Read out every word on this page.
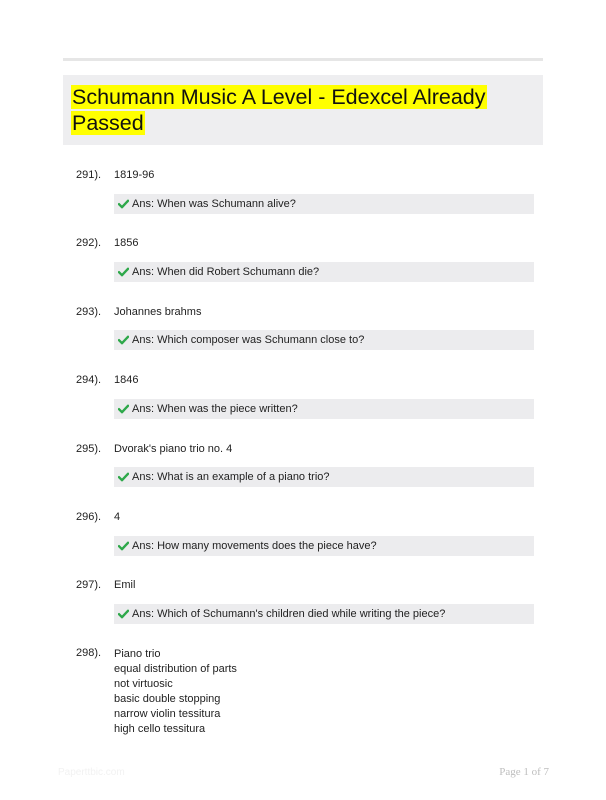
Schumann Music A Level - Edexcel Already
Passed
291). 1819-96
Ans: When was Schumann alive?
292). 1856
Ans: When did Robert Schumann die?
293). Johannes brahms
Ans: Which composer was Schumann close to?
294). 1846
Ans: When was the piece written?
295). Dvorak's piano trio no. 4
Ans: What is an example of a piano trio?
296). 4
Ans: How many movements does the piece have?
297). Emil
Ans: Which of Schumann's children died while writing the piece?
298). Piano trio
equal distribution of parts
not virtuosic
basic double stopping
narrow violin tessitura
high cello tessitura
Paperttbic.com	Page 1 of 7
